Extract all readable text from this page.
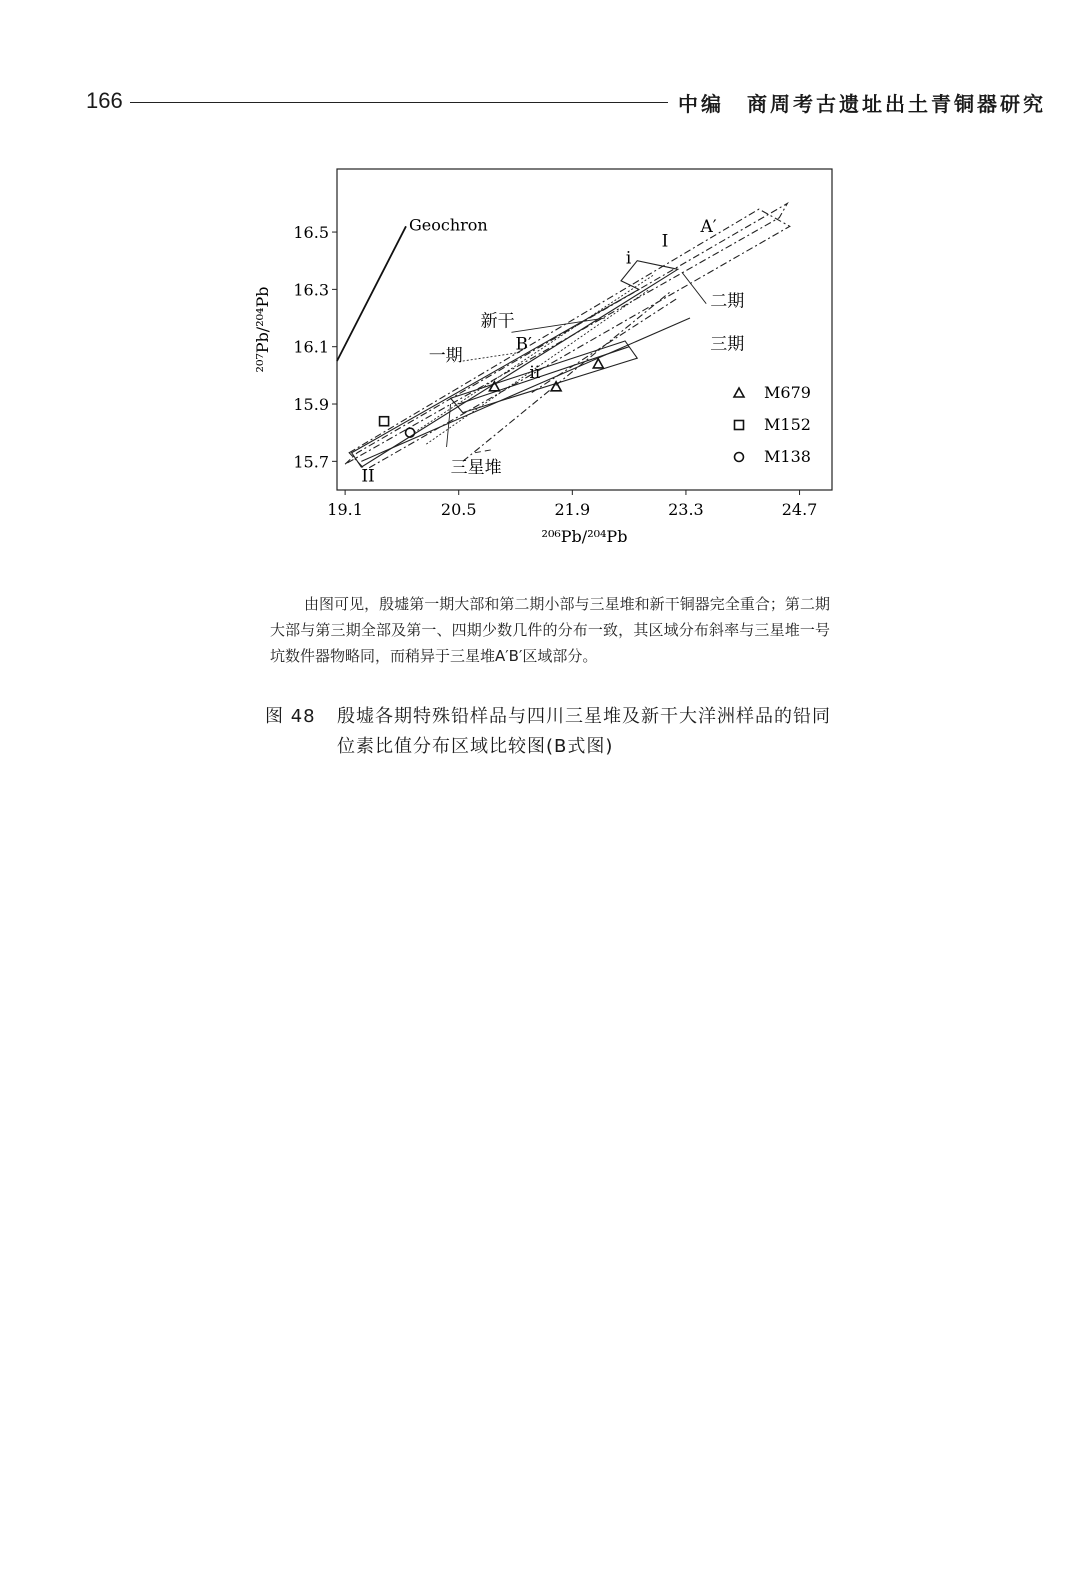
166	中编　商周考古遗址出土青铜器研究
Geochron
19.1	20.5	21.9	23.3	24.7
15.7
15.9
16.1
16.3
16.5
²⁰⁶Pb/²⁰⁴Pb
²⁰⁷Pb/²⁰⁴Pb
A′
I
i
二期
三期
新干
B′
一期
ii
三星堆
II
M679
M152
M138

由图可见，殷墟第一期大部和第二期小部与三星堆和新干铜器完全重合；第二期大部与第三期全部及第一、四期少数几件的分布一致，其区域分布斜率与三星堆一号坑数件器物略同，而稍异于三星堆A′B′区域部分。

图 48 殷墟各期特殊铅样品与四川三星堆及新干大洋洲样品的铅同位素比值分布区域比较图(B式图)
